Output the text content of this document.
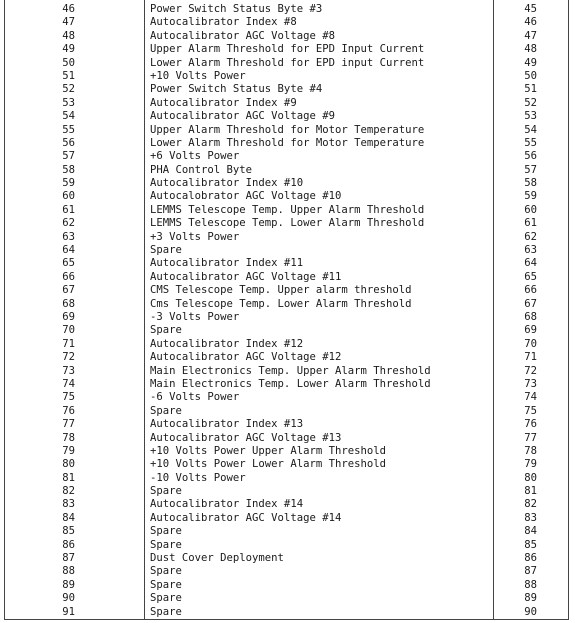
46	Power Switch Status Byte #3	45
47	Autocalibrator Index #8	46
48	Autocalibrator AGC Voltage #8	47
49	Upper Alarm Threshold for EPD Input Current	48
50	Lower Alarm Threshold for EPD input Current	49
51	+10 Volts Power	50
52	Power Switch Status Byte #4	51
53	Autocalibrator Index #9	52
54	Autocalibrator AGC Voltage #9	53
55	Upper Alarm Threshold for Motor Temperature	54
56	Lower Alarm Threshold for Motor Temperature	55
57	+6 Volts Power	56
58	PHA Control Byte	57
59	Autocalibrator Index #10	58
60	Autocalobrator AGC Voltage #10	59
61	LEMMS Telescope Temp. Upper Alarm Threshold	60
62	LEMMS Telescope Temp. Lower Alarm Threshold	61
63	+3 Volts Power	62
64	Spare	63
65	Autocalibrator Index #11	64
66	Autocalibrator AGC Voltage #11	65
67	CMS Telescope Temp. Upper alarm threshold	66
68	Cms Telescope Temp. Lower Alarm Threshold	67
69	-3 Volts Power	68
70	Spare	69
71	Autocalibrator Index #12	70
72	Autocalibrator AGC Voltage #12	71
73	Main Electronics Temp. Upper Alarm Threshold	72
74	Main Electronics Temp. Lower Alarm Threshold	73
75	-6 Volts Power	74
76	Spare	75
77	Autocalibrator Index #13	76
78	Autocalibrator AGC Voltage #13	77
79	+10 Volts Power Upper Alarm Threshold	78
80	+10 Volts Power Lower Alarm Threshold	79
81	-10 Volts Power	80
82	Spare	81
83	Autocalibrator Index #14	82
84	Autocalibrator AGC Voltage #14	83
85	Spare	84
86	Spare	85
87	Dust Cover Deployment	86
88	Spare	87
89	Spare	88
90	Spare	89
91	Spare	90
